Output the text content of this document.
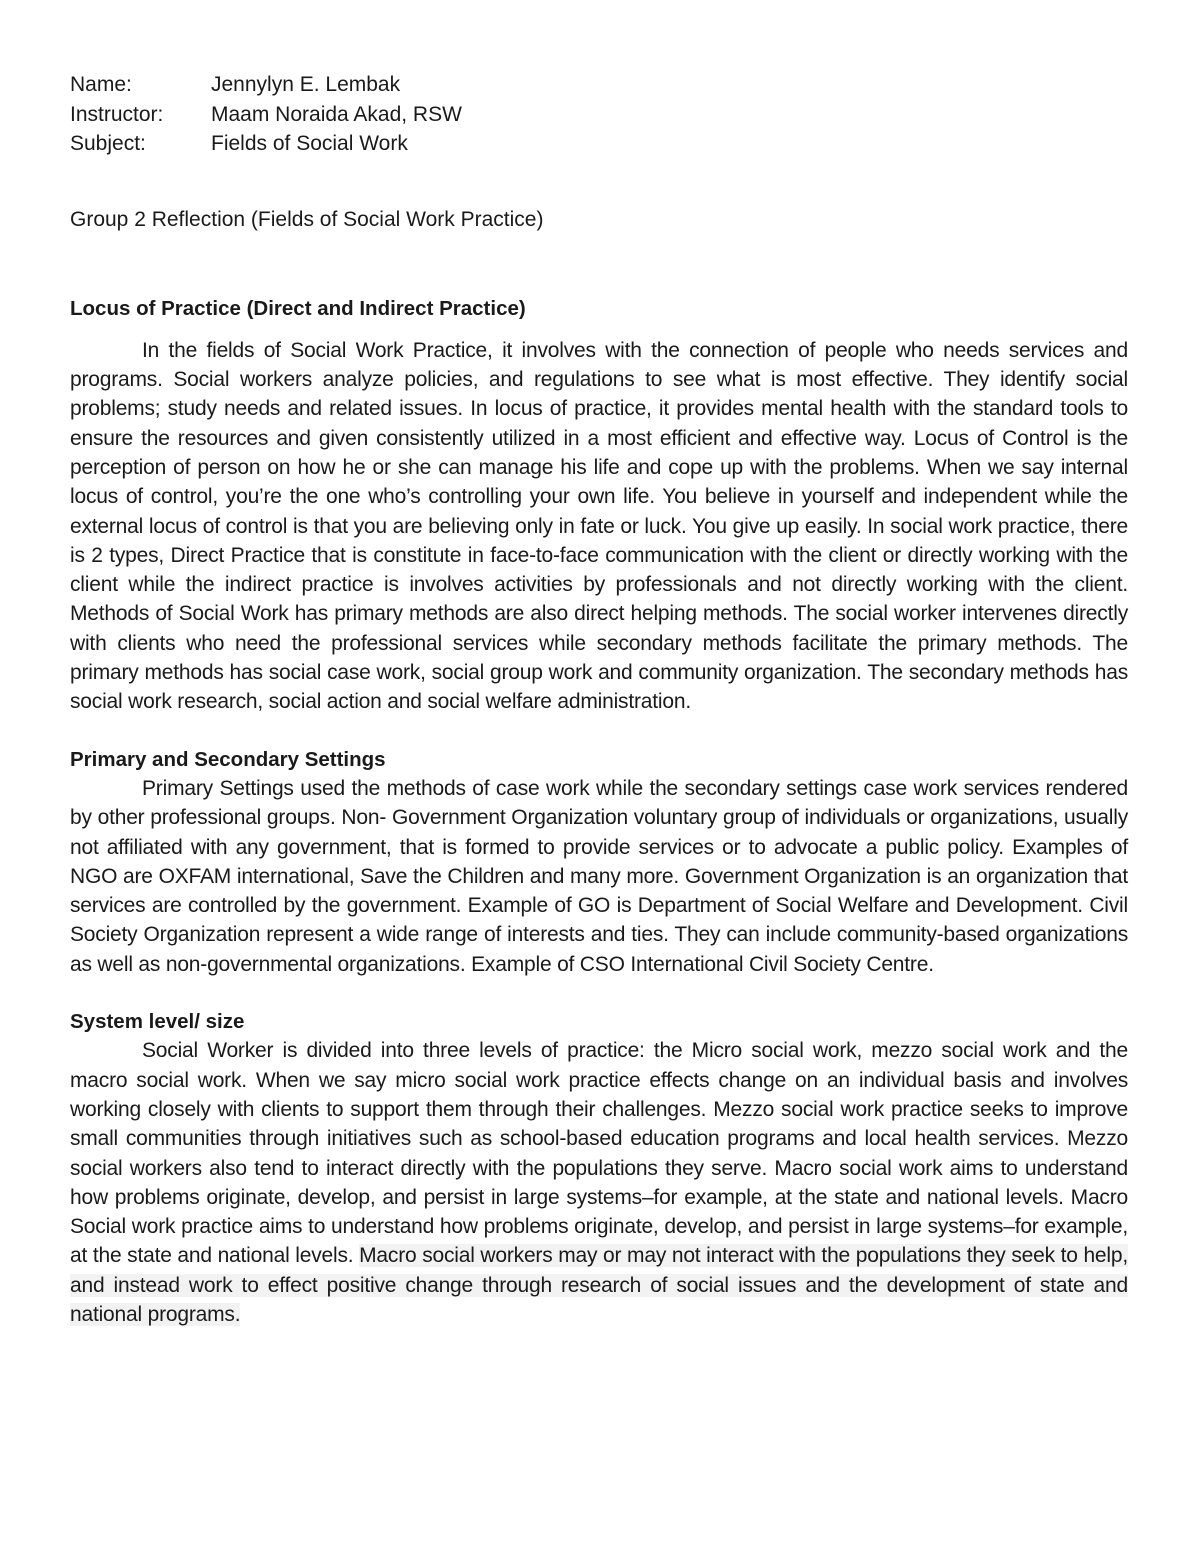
Name:	Jennylyn E. Lembak
Instructor:	Maam Noraida Akad, RSW
Subject:	Fields of Social Work
Group 2 Reflection (Fields of Social Work Practice)
Locus of Practice (Direct and Indirect Practice)

In the fields of Social Work Practice, it involves with the connection of people who needs services and programs. Social workers analyze policies, and regulations to see what is most effective. They identify social problems; study needs and related issues. In locus of practice, it provides mental health with the standard tools to ensure the resources and given consistently utilized in a most efficient and effective way. Locus of Control is the perception of person on how he or she can manage his life and cope up with the problems. When we say internal locus of control, you’re the one who’s controlling your own life. You believe in yourself and independent while the external locus of control is that you are believing only in fate or luck. You give up easily. In social work practice, there is 2 types, Direct Practice that is constitute in face-to-face communication with the client or directly working with the client while the indirect practice is involves activities by professionals and not directly working with the client. Methods of Social Work has primary methods are also direct helping methods. The social worker intervenes directly with clients who need the professional services while secondary methods facilitate the primary methods. The primary methods has social case work, social group work and community organization. The secondary methods has social work research, social action and social welfare administration.

Primary and Secondary Settings

Primary Settings used the methods of case work while the secondary settings case work services rendered by other professional groups. Non- Government Organization voluntary group of individuals or organizations, usually not affiliated with any government, that is formed to provide services or to advocate a public policy. Examples of NGO are OXFAM international, Save the Children and many more. Government Organization is an organization that services are controlled by the government. Example of GO is Department of Social Welfare and Development. Civil Society Organization represent a wide range of interests and ties. They can include community-based organizations as well as non-governmental organizations. Example of CSO International Civil Society Centre.

System level/ size

Social Worker is divided into three levels of practice: the Micro social work, mezzo social work and the macro social work. When we say micro social work practice effects change on an individual basis and involves working closely with clients to support them through their challenges. Mezzo social work practice seeks to improve small communities through initiatives such as school-based education programs and local health services. Mezzo social workers also tend to interact directly with the populations they serve. Macro social work aims to understand how problems originate, develop, and persist in large systems–for example, at the state and national levels. Macro Social work practice aims to understand how problems originate, develop, and persist in large systems–for example, at the state and national levels. Macro social workers may or may not interact with the populations they seek to help, and instead work to effect positive change through research of social issues and the development of state and national programs.
